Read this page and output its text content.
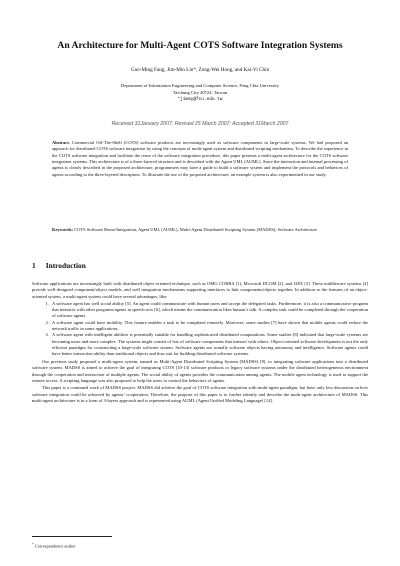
An Architecture for Multi-Agent COTS Software Integration Systems
Guo-Ming Fang, Jim-Min Lin*, Zong-Wei Hong, and Kai-Yi Chin
Department of Information Engineering and Computer Science, Feng Chia University
Taichung City 40724, Taiwan
*jimmy@fcu.edu.tw
Received 31January 2007; Revised 25 March 2007; Accepted 31March 2007
Abstract. Commercial Off-The-Shelf (COTS) software products are increasingly used as software components in large-scale systems. We had proposed an approach for distributed COTS software integration by using the concepts of multi-agent system and distributed scripting mechanism. To describe the experience in the COTS software integration and facilitate the reuse of the software integration procedure, this paper presents a multi-agent architecture for the COTS software integration systems. This architecture is of a three-layered structure and is described with the Agent UML (AUML). Since the interaction and internal processing of agents is clearly described in the proposed architecture, programmers may have a guide to build a software system and implement the protocols and behaviors of agents according to the three-layered description. To illustrate the use of the proposed architecture, an example system is also experimented in our study.
Keywords: COTS Software Reuse/Integration, Agent UML (AUML), Multi-Agent Distributed Scripting System (MADSS), Software Architecture
1 Introduction

Software applications are increasingly built with distributed object-oriented technique, such as OMG CORBA [1], Microsoft DCOM [2], and J2EE [3]. These middleware systems [4] provide well-designed component/object models, and well integration mechanisms supporting interfaces to link components/objects together. In addition to the features of an object-oriented system, a multi-agent system could have several advantages, like:

1. A software agent has well social ability [5]. An agent could communicate with human users and accept the delegated tasks. Furthermore, it is also a communicative program that interacts with other programs/agents in speech-acts [6], which means the communication likes human’s talk. A complex task could be completed through the cooperation of software agents.
2. A software agent could have mobility. This feature enables a task to be completed remotely. Moreover, some studies [7] have shown that mobile agents could reduce the network traffic in some applications.
3. A software agent with intelligent abilities is potentially suitable for handling sophisticated distributed computations. Some studies [8] indicated that large-scale systems are becoming more and more complex. The systems might consist of lots of software components that interact with others. Object-oriented software development is not the only efficient paradigm for constructing a large-scale software system. Software agents are actually software objects having autonomy and intelligence. Software agents could have better interaction ability than traditional objects and thus suit for building distributed software systems.

Our previous study proposed a multi-agent system, named as Multi-Agent Distributed Scripting System (MADSS) [9], to integrating software applications into a distributed software system. MADSS is aimed to achieve the goal of integrating COTS [10-13] software products or legacy software systems under the distributed heterogeneous environment through the cooperation and interaction of multiple agents. The social ability of agents provides the communication among agents. The mobile agent technology is used to support the remote access. A scripting language was also proposed to help the users to control the behaviors of agents.

This paper is a continued work of MADSS project. MADSS did achieve the goal of COTS software integration with multi-agent paradigm, but have only less discussion on how software integration could be achieved by agents’ cooperation. Therefore, the purpose of this paper is to further identify and describe the multi-agent architecture of MADSS. This multi-agent architecture is in a form of 3-layers approach and is represented using AUML (Agent Unified Modeling Language) [14].

* Correspondence author
